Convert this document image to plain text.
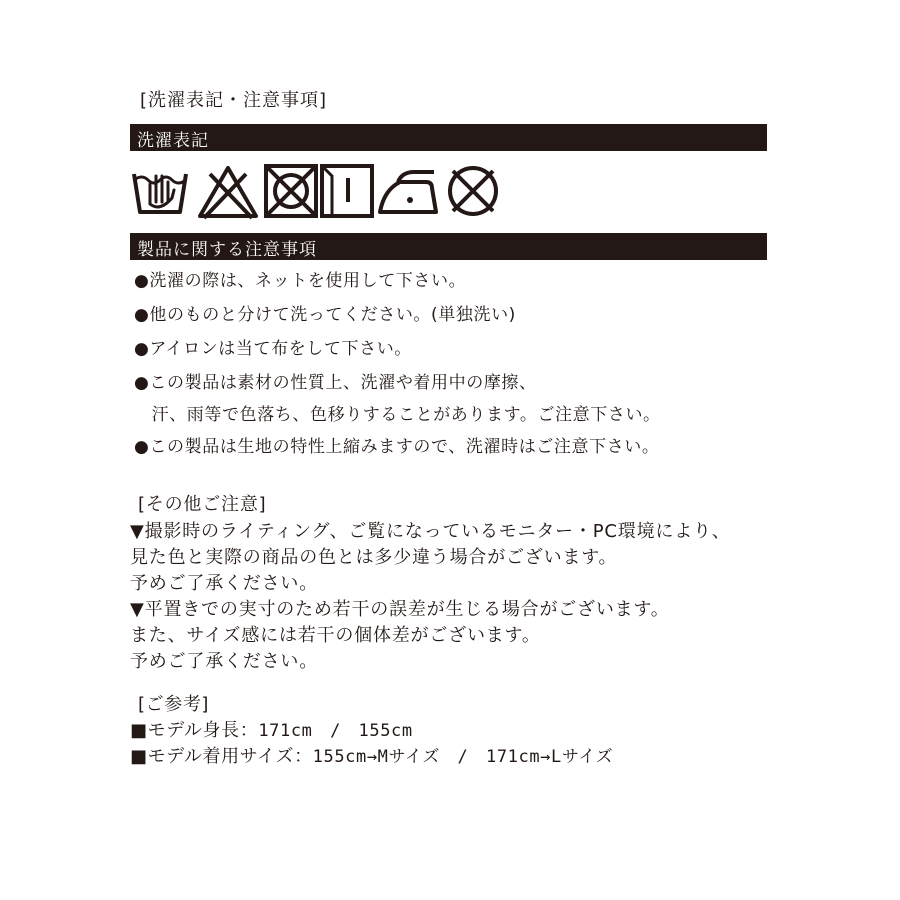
[洗濯表記・注意事項]
洗濯表記
製品に関する注意事項
●洗濯の際は、ネットを使用して下さい。
●他のものと分けて洗ってください。(単独洗い)
●アイロンは当て布をして下さい。
●この製品は素材の性質上、洗濯や着用中の摩擦、
　汗、雨等で色落ち、色移りすることがあります。ご注意下さい。
●この製品は生地の特性上縮みますので、洗濯時はご注意下さい。
[その他ご注意]
▼撮影時のライティング、ご覧になっているモニター・PC環境により、
見た色と実際の商品の色とは多少違う場合がございます。
予めご了承ください。
▼平置きでの実寸のため若干の誤差が生じる場合がございます。
また、サイズ感には若干の個体差がございます。
予めご了承ください。
[ご参考]
■モデル身長：171cm　/　155cm
■モデル着用サイズ：155cm→Mサイズ　/　171cm→Lサイズ
